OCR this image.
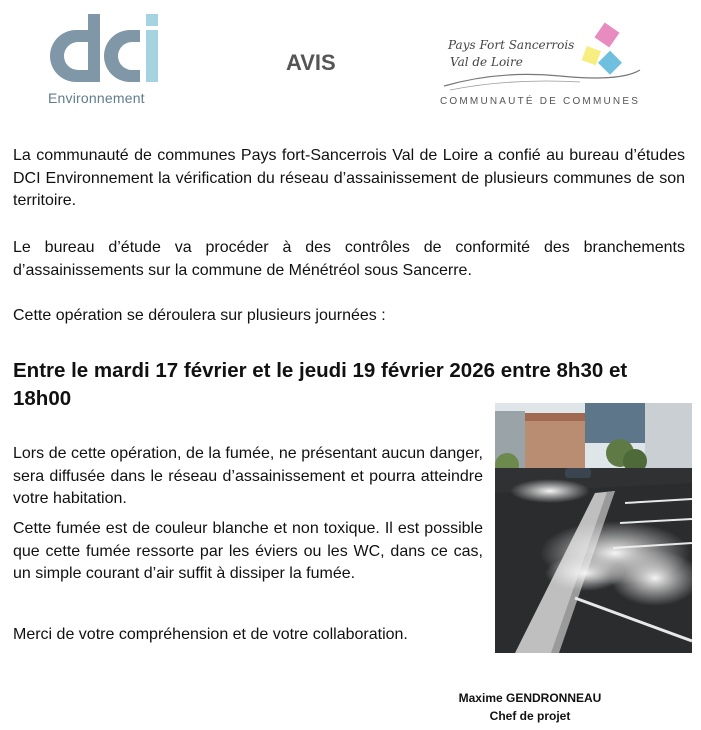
Environnement
AVIS
Pays Fort Sancerrois
Val de Loire
COMMUNAUTÉ DE COMMUNES
La communauté de communes Pays fort-Sancerrois Val de Loire a confié au bureau d’études DCI Environnement la vérification du réseau d’assainissement de plusieurs communes de son territoire.
Le bureau d’étude va procéder à des contrôles de conformité des branchements d’assainissements sur la commune de Ménétréol sous Sancerre.
Cette opération se déroulera sur plusieurs journées :
Entre le mardi 17 février et le jeudi 19 février 2026 entre 8h30 et 18h00
Lors de cette opération, de la fumée, ne présentant aucun danger, sera diffusée dans le réseau d’assainissement et pourra atteindre votre habitation.
Cette fumée est de couleur blanche et non toxique. Il est possible que cette fumée ressorte par les éviers ou les WC, dans ce cas, un simple courant d’air suffit à dissiper la fumée.
Merci de votre compréhension et de votre collaboration.
Maxime GENDRONNEAU
Chef de projet
